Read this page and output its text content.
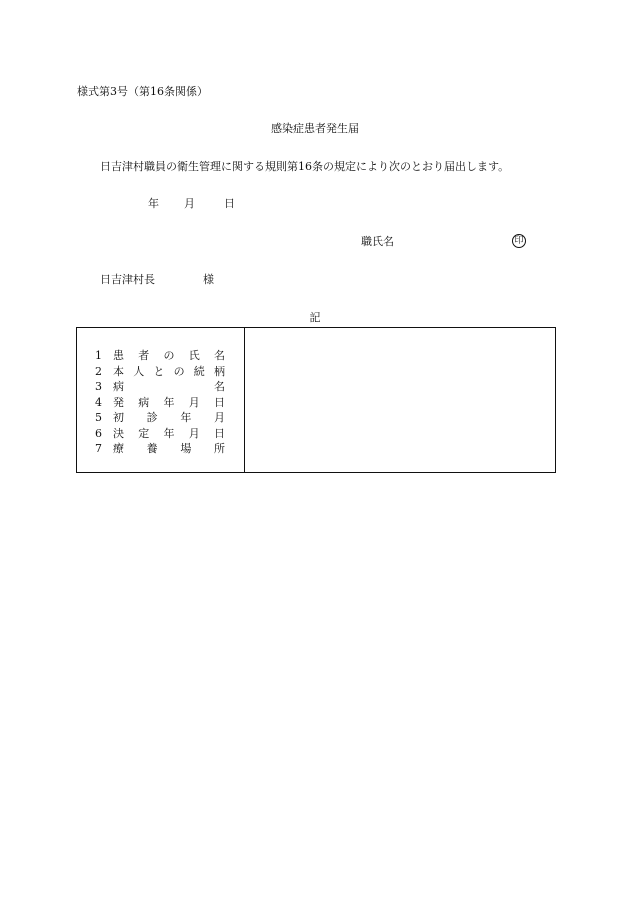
様式第3号（第16条関係）
感染症患者発生届
日吉津村職員の衛生管理に関する規則第16条の規定により次のとおり届出します。
年 月	日
職氏名	印
日吉津村長	様
記
1	患 者 の 氏 名
2	本 人 と の 続 柄
3	病	名
4	発 病 年 月 日
5	初 診 年 月
6	決 定 年 月 日
7	療 養 場 所
